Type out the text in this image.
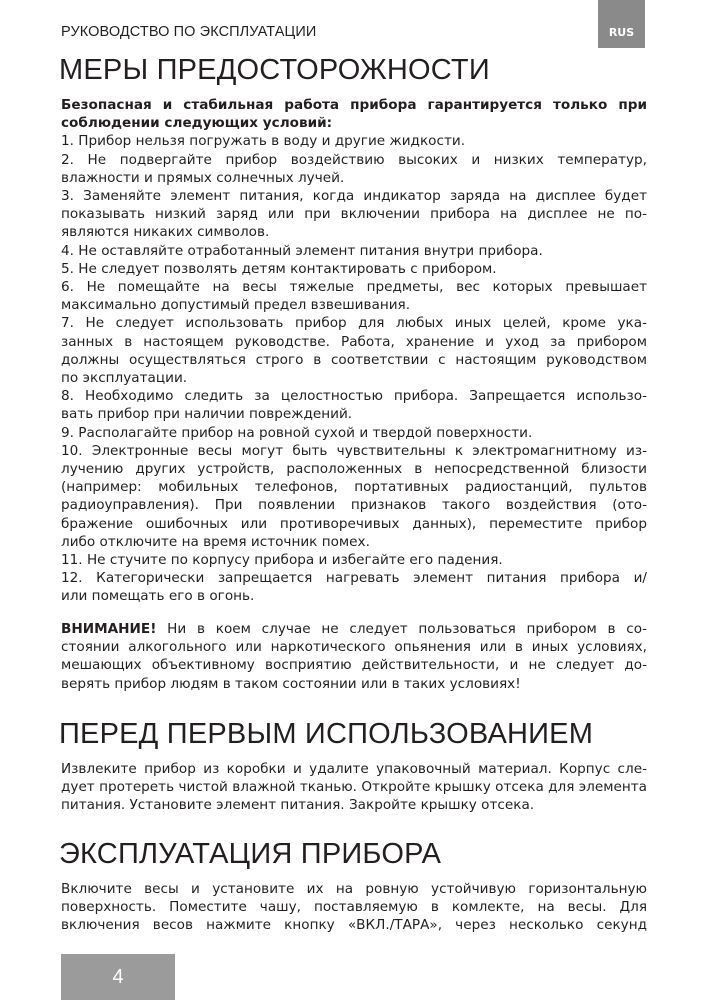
РУКОВОДСТВО ПО ЭКСПЛУАТАЦИИ	RUS
МЕРЫ ПРЕДОСТОРОЖНОСТИ
Безопасная и стабильная работа прибора гарантируется только при
соблюдении следующих условий:
1. Прибор нельзя погружать в воду и другие жидкости.
2. Не подвергайте прибор воздействию высоких и низких температур,
влажности и прямых солнечных лучей.
3. Заменяйте элемент питания, когда индикатор заряда на дисплее будет
показывать низкий заряд или при включении прибора на дисплее не по-
являются никаких символов.
4. Не оставляйте отработанный элемент питания внутри прибора.
5. Не следует позволять детям контактировать с прибором.
6. Не помещайте на весы тяжелые предметы, вес которых превышает
максимально допустимый предел взвешивания.
7. Не следует использовать прибор для любых иных целей, кроме ука-
занных в настоящем руководстве. Работа, хранение и уход за прибором
должны осуществляться строго в соответствии с настоящим руководством
по эксплуатации.
8. Необходимо следить за целостностью прибора. Запрещается использо-
вать прибор при наличии повреждений.
9. Располагайте прибор на ровной сухой и твердой поверхности.
10. Электронные весы могут быть чувствительны к электромагнитному из-
лучению других устройств, расположенных в непосредственной близости
(например: мобильных телефонов, портативных радиостанций, пультов
радиоуправления). При появлении признаков такого воздействия (ото-
бражение ошибочных или противоречивых данных), переместите прибор
либо отключите на время источник помех.
11. Не стучите по корпусу прибора и избегайте его падения.
12. Категорически запрещается нагревать элемент питания прибора и/
или помещать его в огонь.
ВНИМАНИЕ! Ни в коем случае не следует пользоваться прибором в со-
стоянии алкогольного или наркотического опьянения или в иных условиях,
мешающих объективному восприятию действительности, и не следует до-
верять прибор людям в таком состоянии или в таких условиях!
ПЕРЕД ПЕРВЫМ ИСПОЛЬЗОВАНИЕМ
Извлеките прибор из коробки и удалите упаковочный материал. Корпус сле-
дует протереть чистой влажной тканью. Откройте крышку отсека для элемента
питания. Установите элемент питания. Закройте крышку отсека.
ЭКСПЛУАТАЦИЯ ПРИБОРА
Включите весы и установите их на ровную устойчивую горизонтальную
поверхность. Поместите чашу, поставляемую в комлекте, на весы. Для
включения весов нажмите кнопку «ВКЛ./ТАРА», через несколько секунд
4
